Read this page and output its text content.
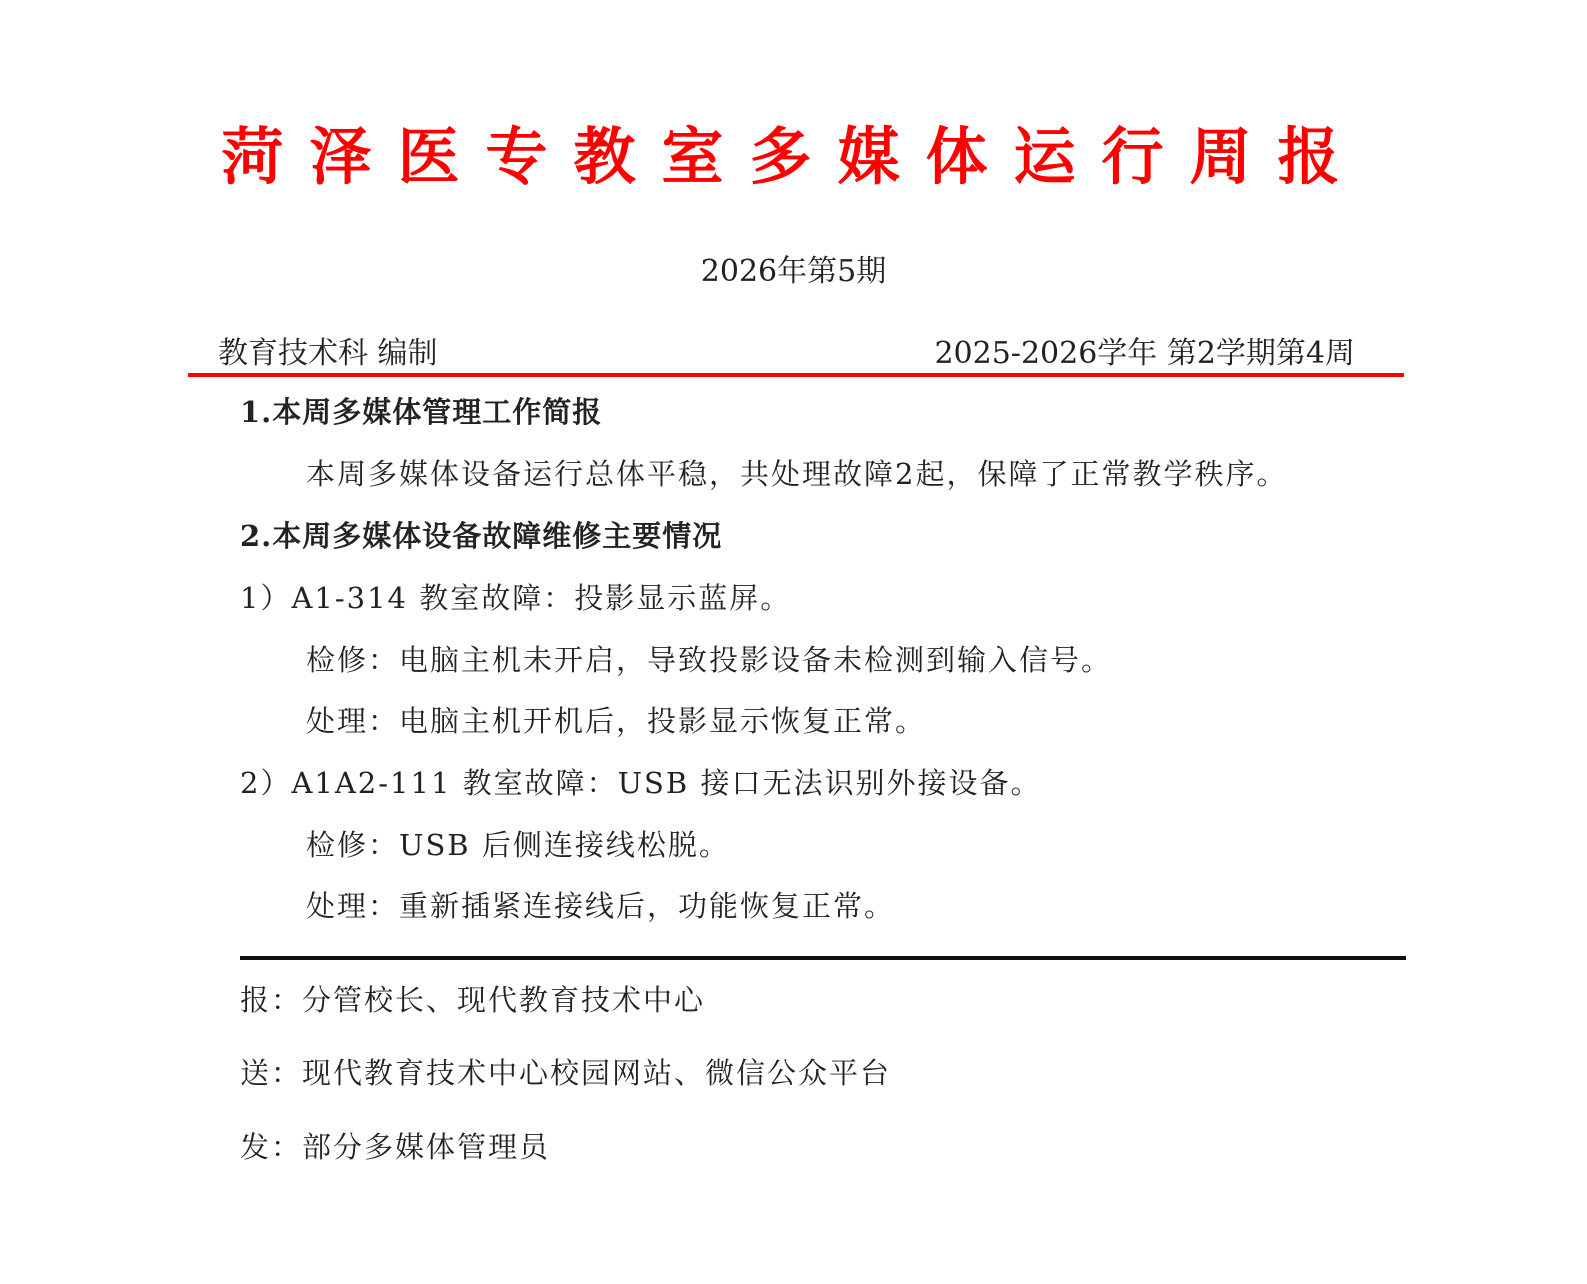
菏泽医专教室多媒体运行周报
2026年第5期
教育技术科 编制	2025-2026学年 第2学期第4周
1.本周多媒体管理工作简报
本周多媒体设备运行总体平稳，共处理故障2起，保障了正常教学秩序。
2.本周多媒体设备故障维修主要情况
1）A1-314 教室故障：投影显示蓝屏。
检修：电脑主机未开启，导致投影设备未检测到输入信号。
处理：电脑主机开机后，投影显示恢复正常。
2）A1A2-111 教室故障：USB 接口无法识别外接设备。
检修：USB 后侧连接线松脱。
处理：重新插紧连接线后，功能恢复正常。
报：分管校长、现代教育技术中心
送：现代教育技术中心校园网站、微信公众平台
发：部分多媒体管理员
